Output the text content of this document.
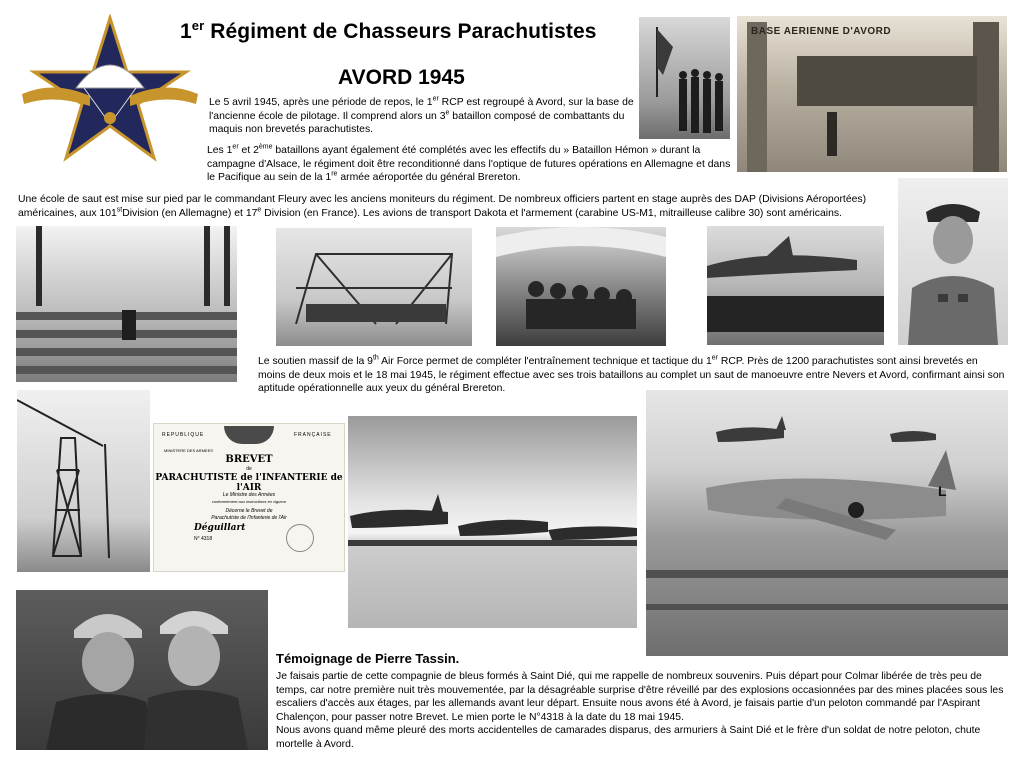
1er Régiment de Chasseurs Parachutistes
AVORD 1945
BASE AERIENNE D'AVORD
Le 5 avril 1945, après une période de repos, le 1er RCP est regroupé à Avord, sur la base de l'ancienne école de pilotage. Il comprend alors un 3e bataillon composé de combattants du maquis non brevetés parachutistes.
Les 1er et 2ème bataillons ayant également été complétés avec les effectifs du » Bataillon Hémon » durant la campagne d'Alsace, le régiment doit être reconditionné dans l'optique de futures opérations en Allemagne et dans le Pacifique au sein de la 1re armée aéroportée du général Brereton.
Une école de saut est mise sur pied par le commandant Fleury avec les anciens moniteurs du régiment. De nombreux officiers partent en stage auprès des DAP (Divisions Aéroportées) américaines, aux 101stDivision (en Allemagne) et 17e Division (en France). Les avions de transport Dakota et l'armement (carabine US-M1, mitrailleuse calibre 30) sont américains.
Le soutien massif de la 9th Air Force permet de compléter l'entraînement technique et tactique du 1er RCP. Près de 1200 parachutistes sont ainsi brevetés en moins de deux mois et le 18 mai 1945, le régiment effectue avec ses trois bataillons au complet un saut de manoeuvre entre Nevers et Avord, confirmant ainsi son aptitude opérationnelle aux yeux du général Brereton.
REPUBLIQUE	FRANÇAISE
MINISTERE DES ARMEES
BREVET
de
PARACHUTISTE de l'INFANTERIE de l'AIR
Le Ministre des Armées
conformément aux instructions en vigueur
Décerne le Brevet de
Parachutiste de l'Infanterie de l'Air
Déguillart
N° 4318
L
Témoignage de Pierre Tassin.
Je faisais partie de cette compagnie de bleus formés à Saint Dié, qui me rappelle de nombreux souvenirs. Puis départ pour Colmar libérée de très peu de temps, car notre première nuit très mouvementée, par la désagréable surprise d'être réveillé par des explosions occasionnées par des mines placées sous les escaliers d'accès aux étages, par les allemands avant leur départ. Ensuite nous avons été à Avord, je faisais partie d'un peloton commandé par l'Aspirant Chalençon, pour passer notre Brevet. Le mien porte le N°4318 à la date du 18 mai 1945.
Nous avons quand même pleuré des morts accidentelles de camarades disparus, des armuriers à Saint Dié et le frère d'un soldat de notre peloton, chute mortelle à Avord.
